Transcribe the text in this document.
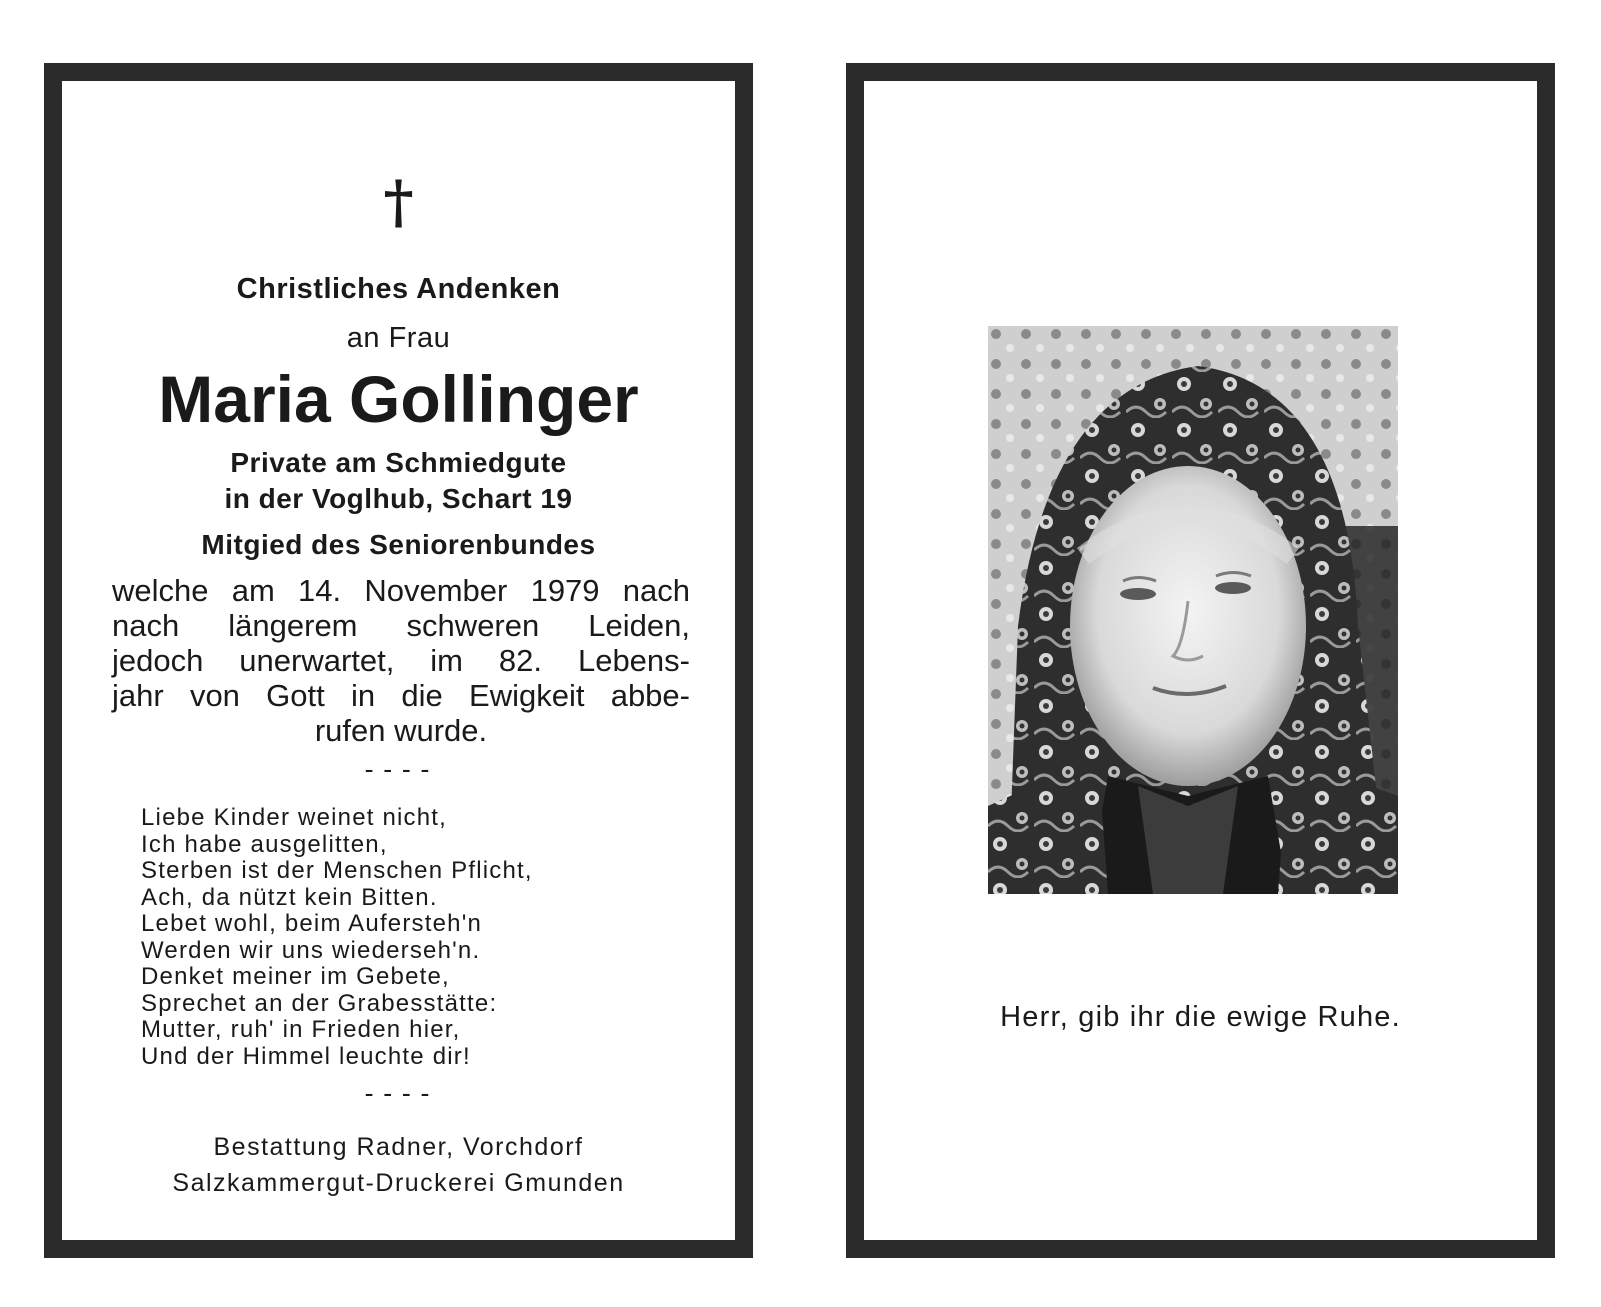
†

Christliches Andenken

an Frau

Maria Gollinger

Private am Schmiedgute

in der Voglhub, Schart 19

Mitgied des Seniorenbundes

welche am 14. November 1979 nach
nach längerem schweren Leiden,
jedoch unerwartet, im 82. Lebens-
jahr von Gott in die Ewigkeit abbe-
rufen wurde.
----
Liebe Kinder weinet nicht,
Ich habe ausgelitten,
Sterben ist der Menschen Pflicht,
Ach, da nützt kein Bitten.
Lebet wohl, beim Aufersteh'n
Werden wir uns wiederseh'n.
Denket meiner im Gebete,
Sprechet an der Grabesstätte:
Mutter, ruh' in Frieden hier,
Und der Himmel leuchte dir!
----

Bestattung Radner, Vorchdorf

Salzkammergut-Druckerei Gmunden

Herr, gib ihr die ewige Ruhe.
